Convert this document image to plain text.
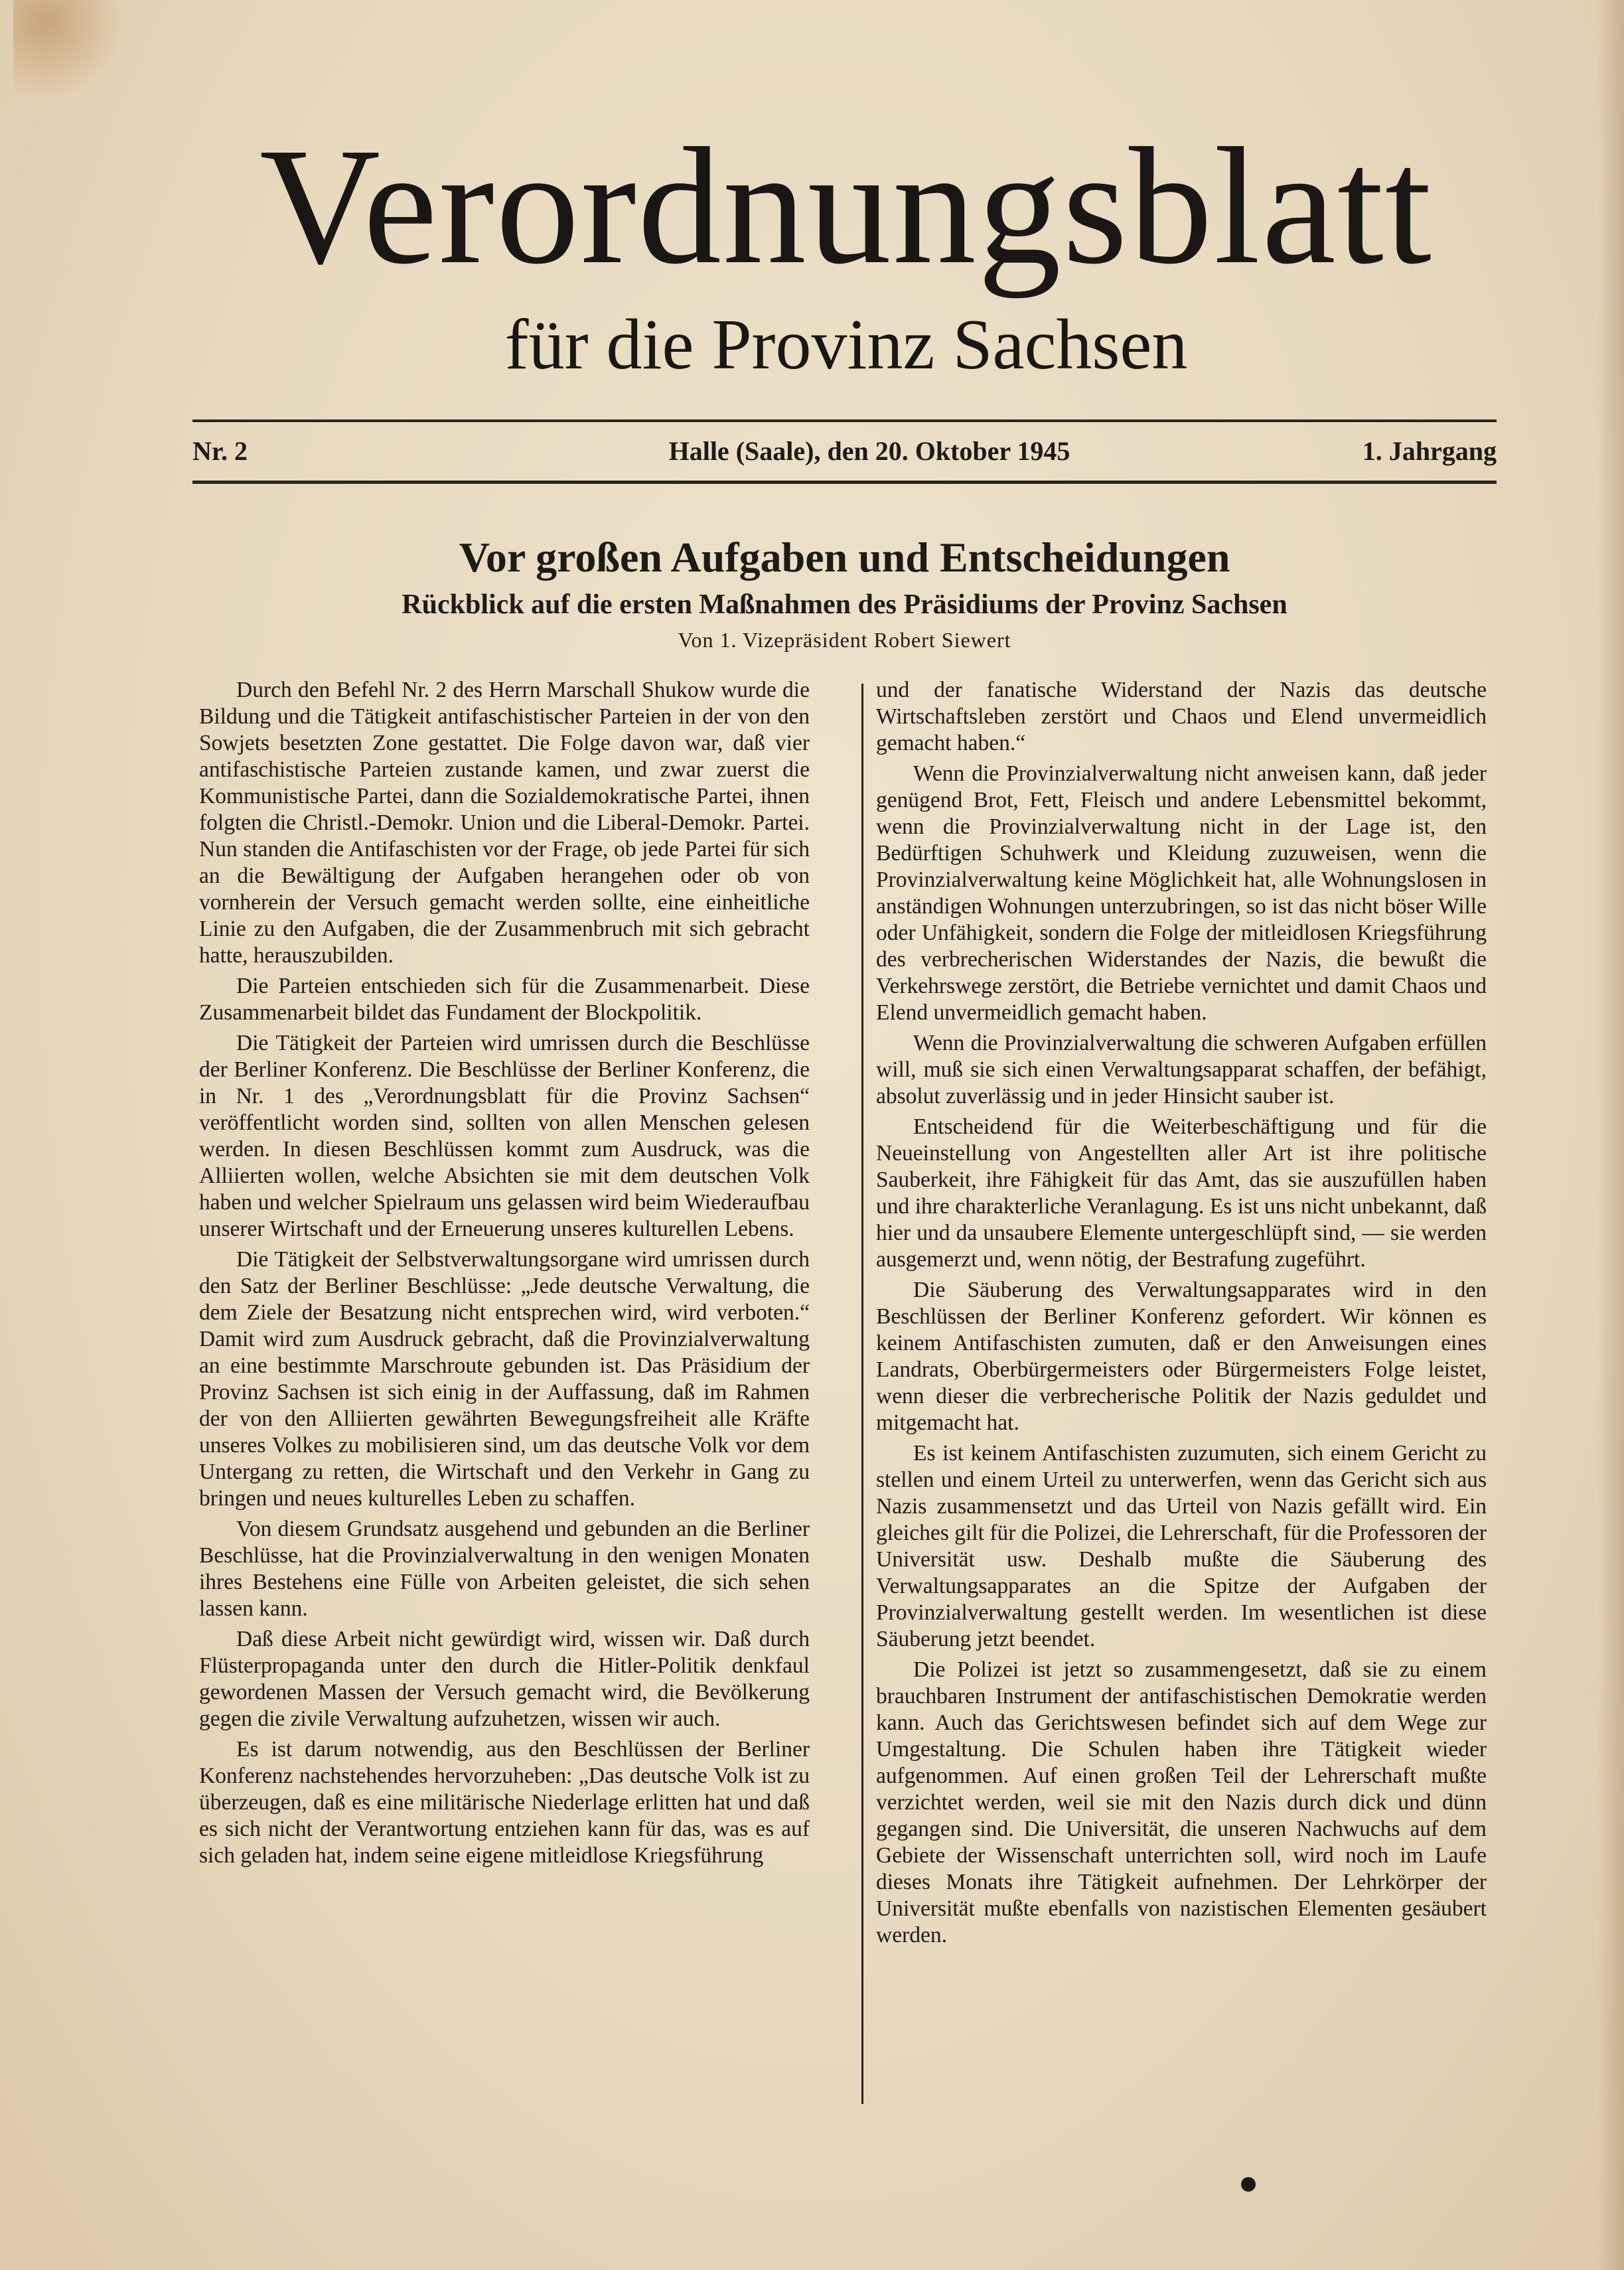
Verordnungsblatt
für die Provinz Sachsen
Nr. 2	Halle (Saale), den 20. Oktober 1945	1. Jahrgang
Vor großen Aufgaben und Entscheidungen
Rückblick auf die ersten Maßnahmen des Präsidiums der Provinz Sachsen
Von 1. Vizepräsident Robert Siewert

Durch den Befehl Nr. 2 des Herrn Marschall Shukow wurde die Bildung und die Tätigkeit antifaschistischer Parteien in der von den Sowjets besetzten Zone gestattet. Die Folge davon war, daß vier antifaschistische Parteien zustande kamen, und zwar zuerst die Kommunistische Partei, dann die Sozialdemokratische Partei, ihnen folgten die Christl.-Demokr. Union und die Liberal-Demokr. Partei. Nun standen die Antifaschisten vor der Frage, ob jede Partei für sich an die Bewältigung der Aufgaben herangehen oder ob von vornherein der Versuch gemacht werden sollte, eine einheitliche Linie zu den Aufgaben, die der Zusammenbruch mit sich gebracht hatte, herauszubilden.

Die Parteien entschieden sich für die Zusammenarbeit. Diese Zusammenarbeit bildet das Fundament der Blockpolitik.

Die Tätigkeit der Parteien wird umrissen durch die Beschlüsse der Berliner Konferenz. Die Beschlüsse der Berliner Konferenz, die in Nr. 1 des „Verordnungsblatt für die Provinz Sachsen“ veröffentlicht worden sind, sollten von allen Menschen gelesen werden. In diesen Beschlüssen kommt zum Ausdruck, was die Alliierten wollen, welche Absichten sie mit dem deutschen Volk haben und welcher Spielraum uns gelassen wird beim Wiederaufbau unserer Wirtschaft und der Erneuerung unseres kulturellen Lebens.

Die Tätigkeit der Selbstverwaltungsorgane wird umrissen durch den Satz der Berliner Beschlüsse: „Jede deutsche Verwaltung, die dem Ziele der Besatzung nicht entsprechen wird, wird verboten.“ Damit wird zum Ausdruck gebracht, daß die Provinzialverwaltung an eine bestimmte Marschroute gebunden ist. Das Präsidium der Provinz Sachsen ist sich einig in der Auffassung, daß im Rahmen der von den Alliierten gewährten Bewegungsfreiheit alle Kräfte unseres Volkes zu mobilisieren sind, um das deutsche Volk vor dem Untergang zu retten, die Wirtschaft und den Verkehr in Gang zu bringen und neues kulturelles Leben zu schaffen.

Von diesem Grundsatz ausgehend und gebunden an die Berliner Beschlüsse, hat die Provinzialverwaltung in den wenigen Monaten ihres Bestehens eine Fülle von Arbeiten geleistet, die sich sehen lassen kann.

Daß diese Arbeit nicht gewürdigt wird, wissen wir. Daß durch Flüsterpropaganda unter den durch die Hitler-Politik denkfaul gewordenen Massen der Versuch gemacht wird, die Bevölkerung gegen die zivile Verwaltung aufzuhetzen, wissen wir auch.

Es ist darum notwendig, aus den Beschlüssen der Berliner Konferenz nachstehendes hervorzuheben: „Das deutsche Volk ist zu überzeugen, daß es eine militärische Niederlage erlitten hat und daß es sich nicht der Verantwortung entziehen kann für das, was es auf sich geladen hat, indem seine eigene mitleidlose Kriegsführung

und der fanatische Widerstand der Nazis das deutsche Wirtschaftsleben zerstört und Chaos und Elend unvermeidlich gemacht haben.“

Wenn die Provinzialverwaltung nicht anweisen kann, daß jeder genügend Brot, Fett, Fleisch und andere Lebensmittel bekommt, wenn die Provinzialverwaltung nicht in der Lage ist, den Bedürftigen Schuhwerk und Kleidung zuzuweisen, wenn die Provinzialverwaltung keine Möglichkeit hat, alle Wohnungslosen in anständigen Wohnungen unterzubringen, so ist das nicht böser Wille oder Unfähigkeit, sondern die Folge der mitleidlosen Kriegsführung des verbrecherischen Widerstandes der Nazis, die bewußt die Verkehrswege zerstört, die Betriebe vernichtet und damit Chaos und Elend unvermeidlich gemacht haben.

Wenn die Provinzialverwaltung die schweren Aufgaben erfüllen will, muß sie sich einen Verwaltungsapparat schaffen, der befähigt, absolut zuverlässig und in jeder Hinsicht sauber ist.

Entscheidend für die Weiterbeschäftigung und für die Neueinstellung von Angestellten aller Art ist ihre politische Sauberkeit, ihre Fähigkeit für das Amt, das sie auszufüllen haben und ihre charakterliche Veranlagung. Es ist uns nicht unbekannt, daß hier und da unsaubere Elemente untergeschlüpft sind, — sie werden ausgemerzt und, wenn nötig, der Bestrafung zugeführt.

Die Säuberung des Verwaltungsapparates wird in den Beschlüssen der Berliner Konferenz gefordert. Wir können es keinem Antifaschisten zumuten, daß er den Anweisungen eines Landrats, Oberbürgermeisters oder Bürgermeisters Folge leistet, wenn dieser die verbrecherische Politik der Nazis geduldet und mitgemacht hat.

Es ist keinem Antifaschisten zuzumuten, sich einem Gericht zu stellen und einem Urteil zu unterwerfen, wenn das Gericht sich aus Nazis zusammensetzt und das Urteil von Nazis gefällt wird. Ein gleiches gilt für die Polizei, die Lehrerschaft, für die Professoren der Universität usw. Deshalb mußte die Säuberung des Verwaltungsapparates an die Spitze der Aufgaben der Provinzialverwaltung gestellt werden. Im wesentlichen ist diese Säuberung jetzt beendet.

Die Polizei ist jetzt so zusammengesetzt, daß sie zu einem brauchbaren Instrument der antifaschistischen Demokratie werden kann. Auch das Gerichtswesen befindet sich auf dem Wege zur Umgestaltung. Die Schulen haben ihre Tätigkeit wieder aufgenommen. Auf einen großen Teil der Lehrerschaft mußte verzichtet werden, weil sie mit den Nazis durch dick und dünn gegangen sind. Die Universität, die unseren Nachwuchs auf dem Gebiete der Wissenschaft unterrichten soll, wird noch im Laufe dieses Monats ihre Tätigkeit aufnehmen. Der Lehrkörper der Universität mußte ebenfalls von nazistischen Elementen gesäubert werden.
